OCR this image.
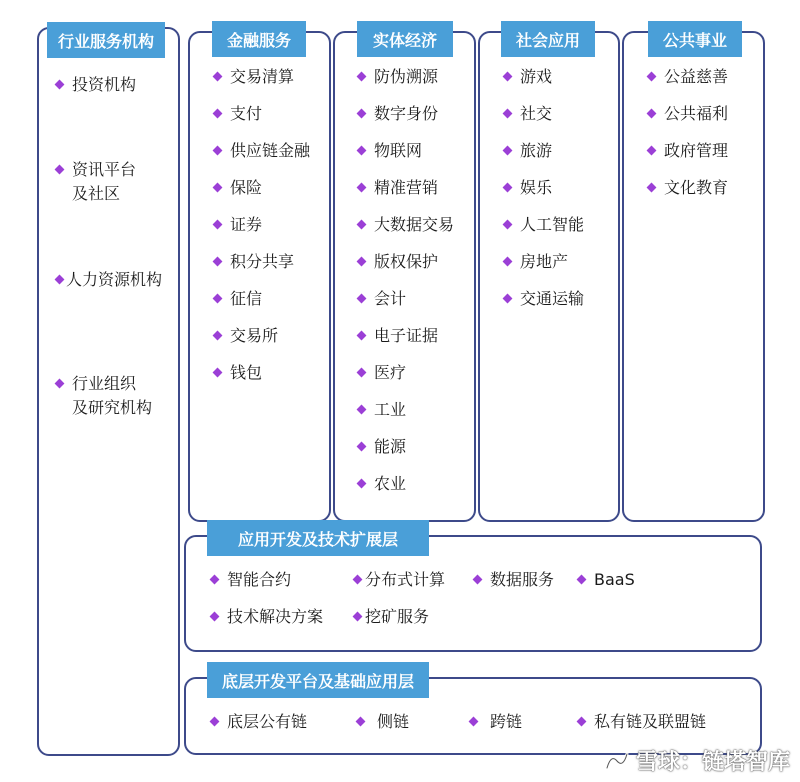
行业服务机构
投资机构
资讯平台
及社区
人力资源机构
行业组织
及研究机构
金融服务
交易清算
支付
供应链金融
保险
证券
积分共享
征信
交易所
钱包
实体经济
防伪溯源
数字身份
物联网
精准营销
大数据交易
版权保护
会计
电子证据
医疗
工业
能源
农业
社会应用
游戏
社交
旅游
娱乐
人工智能
房地产
交通运输
公共事业
公益慈善
公共福利
政府管理
文化教育
应用开发及技术扩展层
智能合约	分布式计算	数据服务 BaaS
技术解决方案	挖矿服务
底层开发平台及基础应用层
底层公有链	侧链	跨链	私有链及联盟链
雪球：链塔智库
